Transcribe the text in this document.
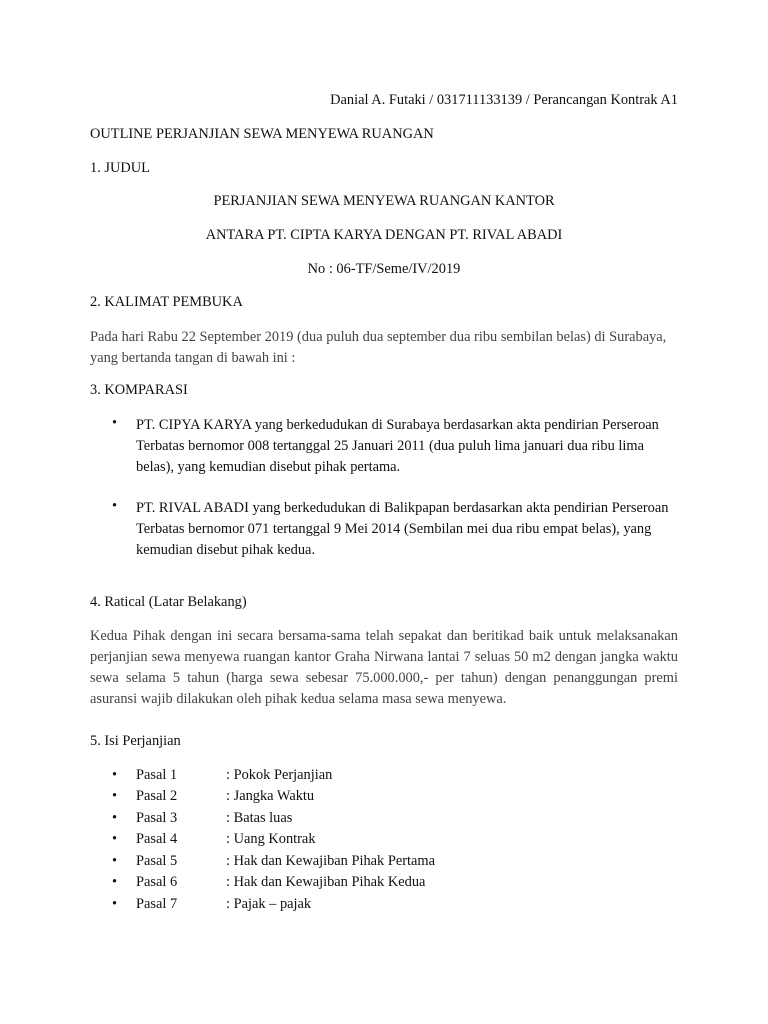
Danial A. Futaki / 031711133139 / Perancangan Kontrak A1
OUTLINE PERJANJIAN SEWA MENYEWA RUANGAN
1. JUDUL
PERJANJIAN SEWA MENYEWA RUANGAN KANTOR
ANTARA PT. CIPTA KARYA DENGAN PT. RIVAL ABADI
No : 06-TF/Seme/IV/2019
2. KALIMAT PEMBUKA
Pada hari Rabu 22 September 2019 (dua puluh dua september dua ribu sembilan belas) di Surabaya, yang bertanda tangan di bawah ini :
3. KOMPARASI
• PT. CIPYA KARYA yang berkedudukan di Surabaya berdasarkan akta pendirian Perseroan Terbatas bernomor 008 tertanggal 25 Januari 2011 (dua puluh lima januari dua ribu lima belas), yang kemudian disebut pihak pertama.
• PT. RIVAL ABADI yang berkedudukan di Balikpapan berdasarkan akta pendirian Perseroan Terbatas bernomor 071 tertanggal 9 Mei 2014 (Sembilan mei dua ribu empat belas), yang kemudian disebut pihak kedua.
4. Ratical (Latar Belakang)
Kedua Pihak dengan ini secara bersama-sama telah sepakat dan beritikad baik untuk melaksanakan perjanjian sewa menyewa ruangan kantor Graha Nirwana lantai 7 seluas 50 m2 dengan jangka waktu sewa selama 5 tahun (harga sewa sebesar 75.000.000,- per tahun) dengan penanggungan premi asuransi wajib dilakukan oleh pihak kedua selama masa sewa menyewa.
5. Isi Perjanjian
• Pasal 1	: Pokok Perjanjian
• Pasal 2	: Jangka Waktu
• Pasal 3	: Batas luas
• Pasal 4	: Uang Kontrak
• Pasal 5	: Hak dan Kewajiban Pihak Pertama
• Pasal 6	: Hak dan Kewajiban Pihak Kedua
• Pasal 7	: Pajak – pajak
